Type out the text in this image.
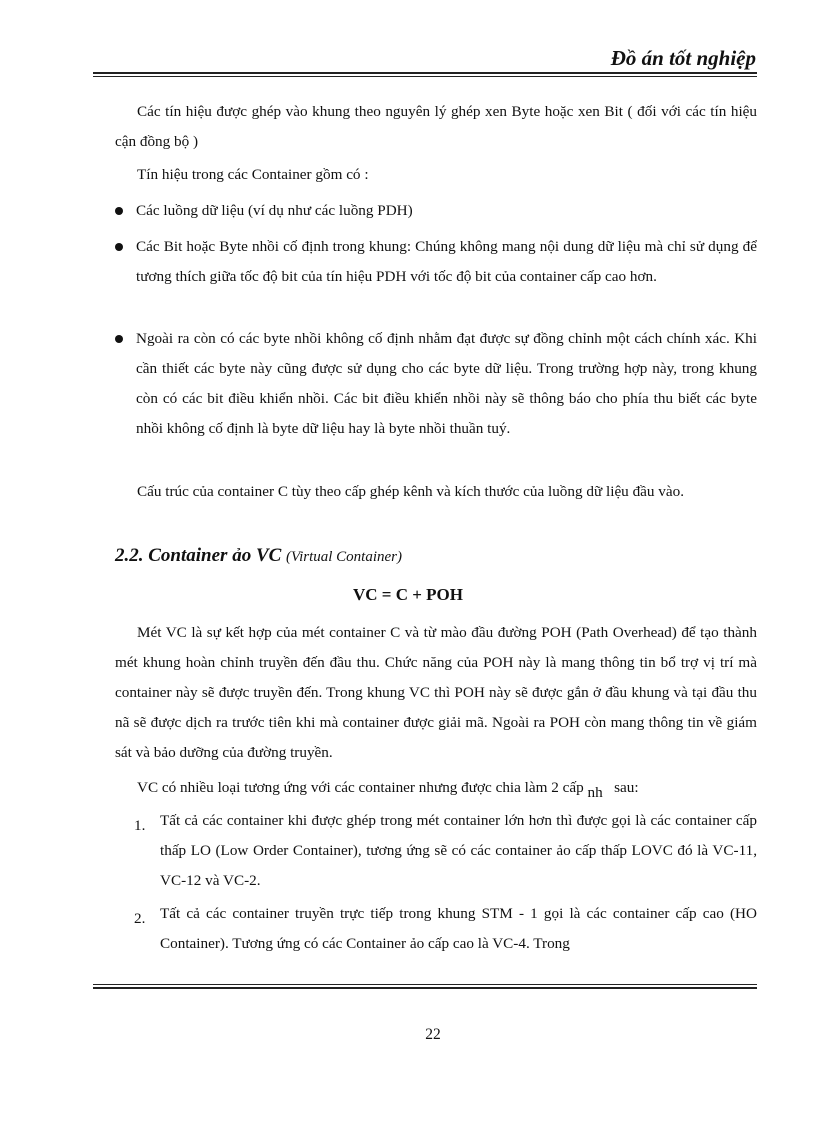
Đồ án tốt nghiệp

Các tín hiệu được ghép vào khung theo nguyên lý ghép xen Byte hoặc xen Bit ( đối với các tín hiệu cận đồng bộ )

Tín hiệu trong các Container gồm có :

Các luồng dữ liệu (ví dụ như các luồng PDH)

Các Bit hoặc Byte nhồi cố định trong khung: Chúng không mang nội dung dữ liệu mà chỉ sử dụng để tương thích giữa tốc độ bit của tín hiệu PDH với tốc độ bit của container cấp cao hơn.

Ngoài ra còn có các byte nhồi không cố định nhằm đạt được sự đồng chỉnh một cách chính xác. Khi cần thiết các byte này cũng được sử dụng cho các byte dữ liệu. Trong trường hợp này, trong khung còn có các bit điều khiển nhồi. Các bit điều khiển nhồi này sẽ thông báo cho phía thu biết các byte nhồi không cố định là byte dữ liệu hay là byte nhồi thuần tuý.

Cấu trúc của container C tùy theo cấp ghép kênh và kích thước của luồng dữ liệu đầu vào.

2.2. Container ảo VC (Virtual Container)
VC = C + POH

Mét VC là sự kết hợp của mét container C và từ mào đầu đường POH (Path Overhead) để tạo thành mét khung hoàn chỉnh truyền đến đầu thu. Chức năng của POH này là mang thông tin bổ trợ vị trí mà container này sẽ được truyền đến. Trong khung VC thì POH này sẽ được gắn ở đầu khung và tại đầu thu nã sẽ được dịch ra trước tiên khi mà container được giải mã. Ngoài ra POH còn mang thông tin về giám sát và bảo dưỡng của đường truyền.

VC có nhiều loại tương ứng với các container nhưng được chia làm 2 cấp nh sau:

1. Tất cả các container khi được ghép trong mét container lớn hơn thì được gọi là các container cấp thấp LO (Low Order Container), tương ứng sẽ có các container ảo cấp thấp LOVC đó là VC-11, VC-12 và VC-2.

2. Tất cả các container truyền trực tiếp trong khung STM - 1 gọi là các container cấp cao (HO Container). Tương ứng có các Container ảo cấp cao là VC-4. Trong

22
